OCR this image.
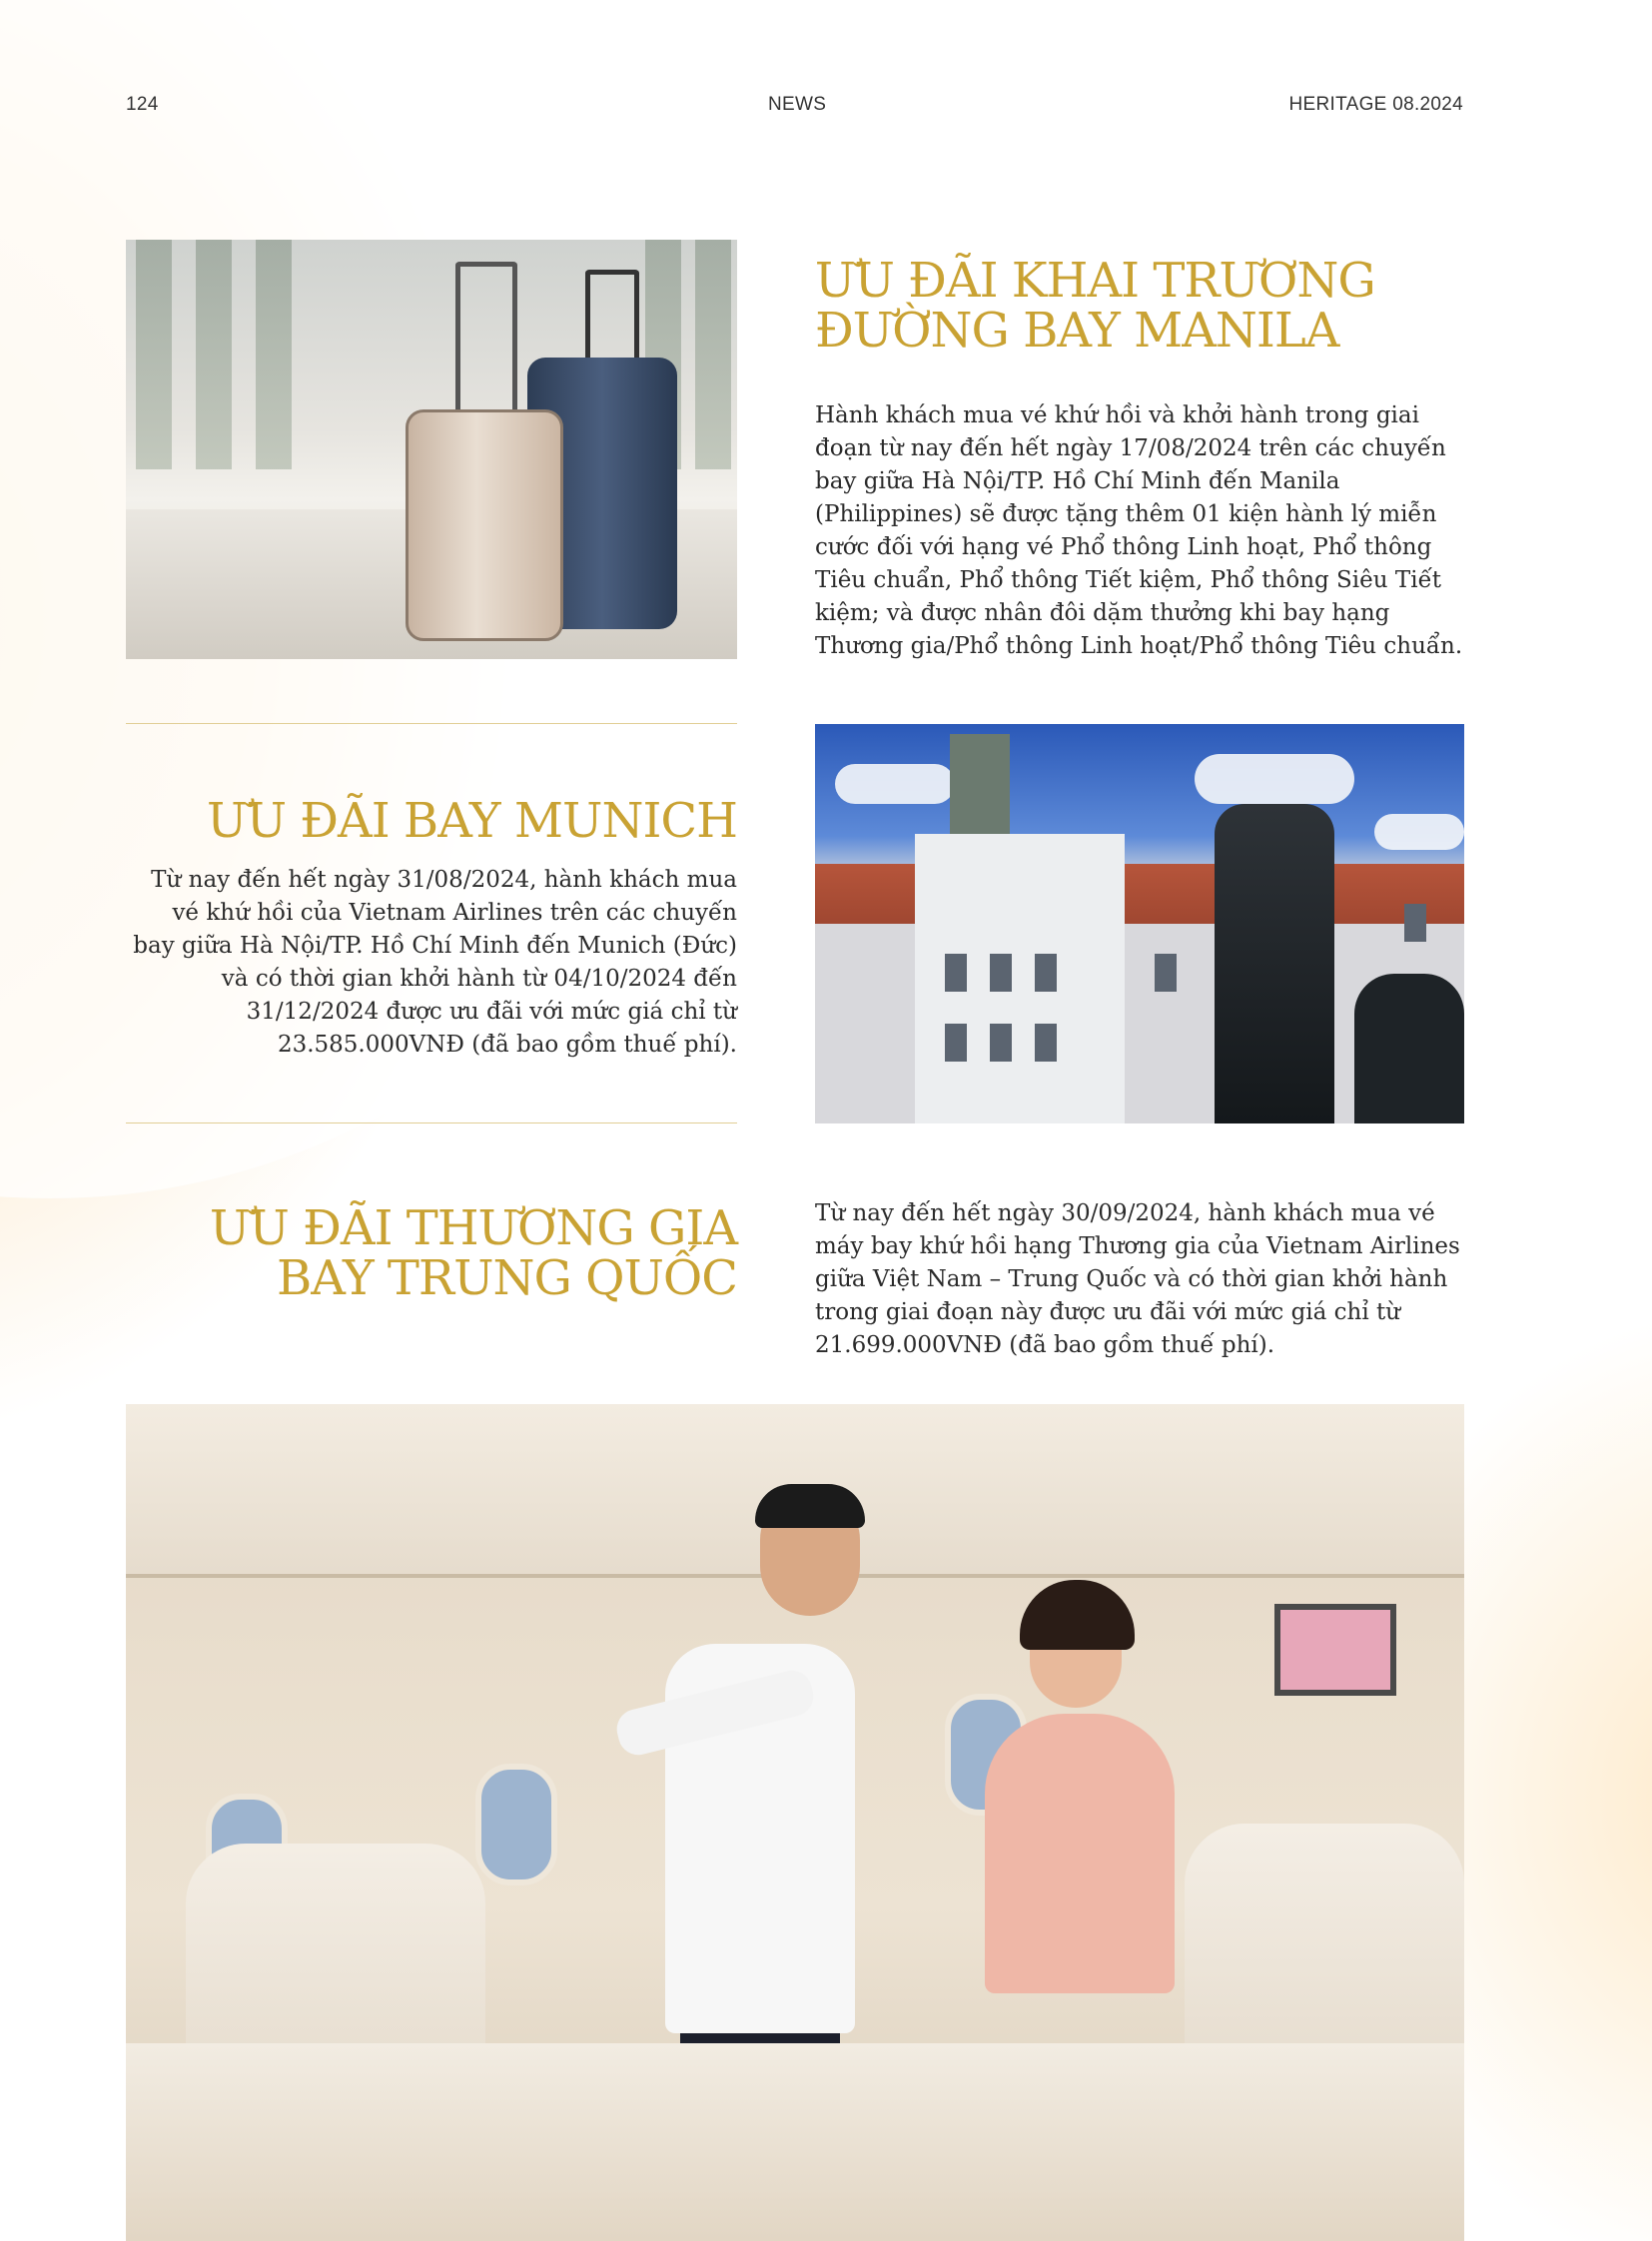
124	NEWS	HERITAGE 08.2024
ƯU ĐÃI KHAI TRƯƠNG
ĐƯỜNG BAY MANILA

Hành khách mua vé khứ hồi và khởi hành trong giai đoạn từ nay đến hết ngày 17/08/2024 trên các chuyến bay giữa Hà Nội/TP. Hồ Chí Minh đến Manila (Philippines) sẽ được tặng thêm 01 kiện hành lý miễn cước đối với hạng vé Phổ thông Linh hoạt, Phổ thông Tiêu chuẩn, Phổ thông Tiết kiệm, Phổ thông Siêu Tiết kiệm; và được nhân đôi dặm thưởng khi bay hạng Thương gia/Phổ thông Linh hoạt/Phổ thông Tiêu chuẩn.

ƯU ĐÃI BAY MUNICH

Từ nay đến hết ngày 31/08/2024, hành khách mua vé khứ hồi của Vietnam Airlines trên các chuyến bay giữa Hà Nội/TP. Hồ Chí Minh đến Munich (Đức) và có thời gian khởi hành từ 04/10/2024 đến 31/12/2024 được ưu đãi với mức giá chỉ từ 23.585.000VNĐ (đã bao gồm thuế phí).

ƯU ĐÃI THƯƠNG GIA
BAY TRUNG QUỐC

Từ nay đến hết ngày 30/09/2024, hành khách mua vé máy bay khứ hồi hạng Thương gia của Vietnam Airlines giữa Việt Nam – Trung Quốc và có thời gian khởi hành trong giai đoạn này được ưu đãi với mức giá chỉ từ 21.699.000VNĐ (đã bao gồm thuế phí).
